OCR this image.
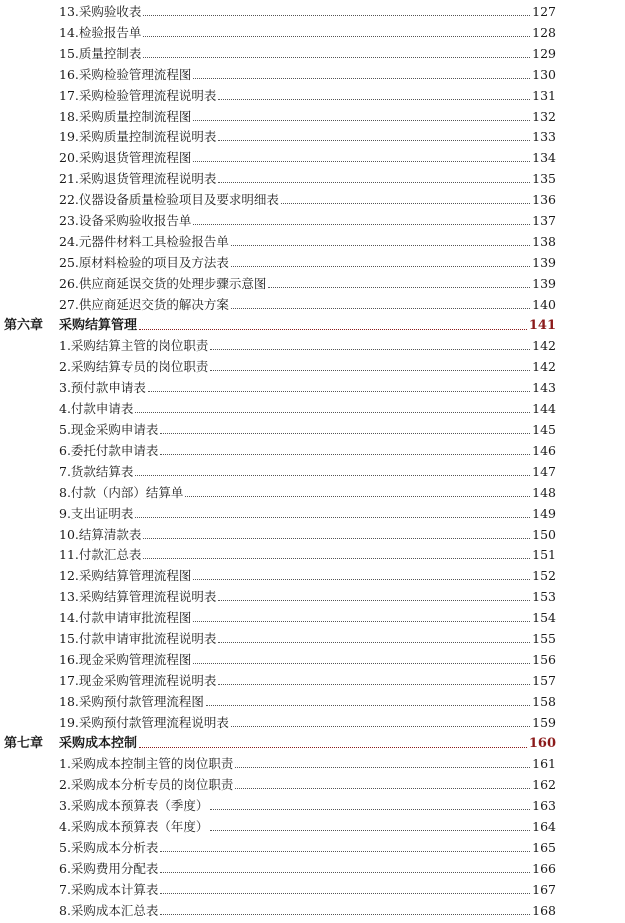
13.采购验收表	127
14.检验报告单	128
15.质量控制表	129
16.采购检验管理流程图	130
17.采购检验管理流程说明表	131
18.采购质量控制流程图	132
19.采购质量控制流程说明表	133
20.采购退货管理流程图	134
21.采购退货管理流程说明表	135
22.仪器设备质量检验项目及要求明细表	136
23.设备采购验收报告单	137
24.元器件材料工具检验报告单	138
25.原材料检验的项目及方法表	139
26.供应商延误交货的处理步骤示意图	139
27.供应商延迟交货的解决方案	140
第六章 采购结算管理	141
1.采购结算主管的岗位职责	142
2.采购结算专员的岗位职责	142
3.预付款申请表	143
4.付款申请表	144
5.现金采购申请表	145
6.委托付款申请表	146
7.货款结算表	147
8.付款（内部）结算单	148
9.支出证明表	149
10.结算清款表	150
11.付款汇总表	151
12.采购结算管理流程图	152
13.采购结算管理流程说明表	153
14.付款申请审批流程图	154
15.付款申请审批流程说明表	155
16.现金采购管理流程图	156
17.现金采购管理流程说明表	157
18.采购预付款管理流程图	158
19.采购预付款管理流程说明表	159
第七章 采购成本控制	160
1.采购成本控制主管的岗位职责	161
2.采购成本分析专员的岗位职责	162
3.采购成本预算表（季度）	163
4.采购成本预算表（年度）	164
5.采购成本分析表	165
6.采购费用分配表	166
7.采购成本计算表	167
8.采购成本汇总表	168
